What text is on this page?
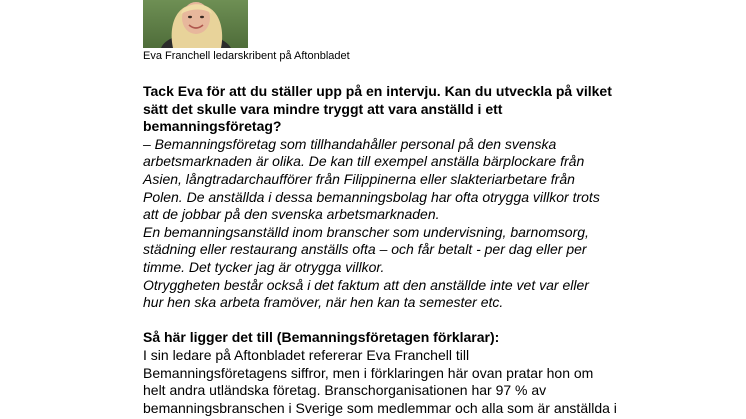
Eva Franchell ledarskribent på Aftonbladet
Tack Eva för att du ställer upp på en intervju. Kan du utveckla på vilket
sätt det skulle vara mindre tryggt att vara anställd i ett
bemanningsföretag?
– Bemanningsföretag som tillhandahåller personal på den svenska
arbetsmarknaden är olika. De kan till exempel anställa bärplockare från
Asien, långtradarchaufförer från Filippinerna eller slakteriarbetare från
Polen. De anställda i dessa bemanningsbolag har ofta otrygga villkor trots
att de jobbar på den svenska arbetsmarknaden.
En bemanningsanställd inom branscher som undervisning, barnomsorg,
städning eller restaurang anställs ofta – och får betalt - per dag eller per
timme. Det tycker jag är otrygga villkor.
Otryggheten består också i det faktum att den anställde inte vet var eller
hur hen ska arbeta framöver, när hen kan ta semester etc.
Så här ligger det till (Bemanningsföretagen förklarar):
I sin ledare på Aftonbladet refererar Eva Franchell till
Bemanningsföretagens siffror, men i förklaringen här ovan pratar hon om
helt andra utländska företag. Branschorganisationen har 97 % av
bemanningsbranschen i Sverige som medlemmar och alla som är anställda i
